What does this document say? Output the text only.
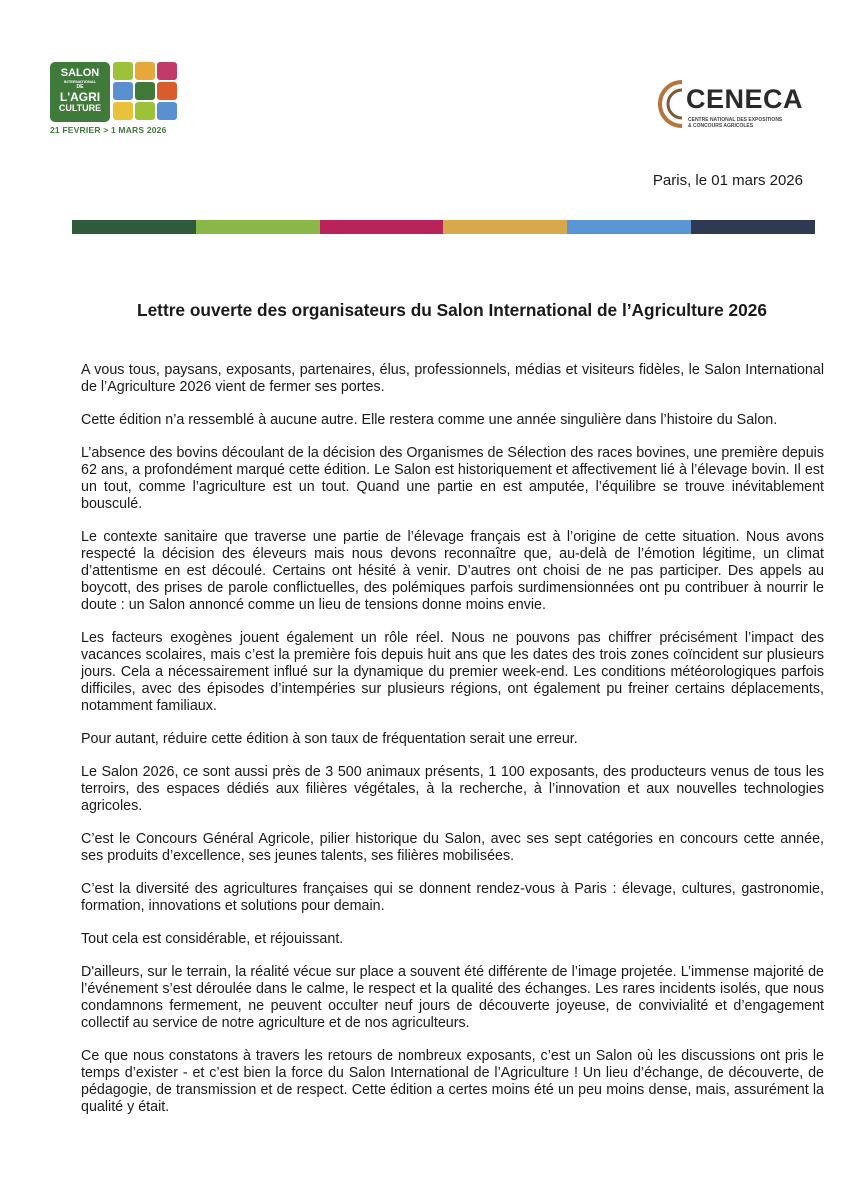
SALON
INTERNATIONAL
DE
L'AGRI
CULTURE
21 FEVRIER > 1 MARS 2026
CENECA
CENTRE NATIONAL DES EXPOSITIONS
& CONCOURS AGRICOLES
Paris, le 01 mars 2026
Lettre ouverte des organisateurs du Salon International de l’Agriculture 2026

A vous tous, paysans, exposants, partenaires, élus, professionnels, médias et visiteurs fidèles, le Salon International de l’Agriculture 2026 vient de fermer ses portes.

Cette édition n’a ressemblé à aucune autre. Elle restera comme une année singulière dans l’histoire du Salon.

L’absence des bovins découlant de la décision des Organismes de Sélection des races bovines, une première depuis 62 ans, a profondément marqué cette édition. Le Salon est historiquement et affectivement lié à l’élevage bovin. Il est un tout, comme l’agriculture est un tout. Quand une partie en est amputée, l’équilibre se trouve inévitablement bousculé.

Le contexte sanitaire que traverse une partie de l’élevage français est à l’origine de cette situation. Nous avons respecté la décision des éleveurs mais nous devons reconnaître que, au-delà de l’émotion légitime, un climat d’attentisme en est découlé. Certains ont hésité à venir. D’autres ont choisi de ne pas participer. Des appels au boycott, des prises de parole conflictuelles, des polémiques parfois surdimensionnées ont pu contribuer à nourrir le doute : un Salon annoncé comme un lieu de tensions donne moins envie.

Les facteurs exogènes jouent également un rôle réel. Nous ne pouvons pas chiffrer précisément l’impact des vacances scolaires, mais c’est la première fois depuis huit ans que les dates des trois zones coïncident sur plusieurs jours. Cela a nécessairement influé sur la dynamique du premier week-end. Les conditions météorologiques parfois difficiles, avec des épisodes d’intempéries sur plusieurs régions, ont également pu freiner certains déplacements, notamment familiaux.

Pour autant, réduire cette édition à son taux de fréquentation serait une erreur.

Le Salon 2026, ce sont aussi près de 3 500 animaux présents, 1 100 exposants, des producteurs venus de tous les terroirs, des espaces dédiés aux filières végétales, à la recherche, à l’innovation et aux nouvelles technologies agricoles.

C’est le Concours Général Agricole, pilier historique du Salon, avec ses sept catégories en concours cette année, ses produits d’excellence, ses jeunes talents, ses filières mobilisées.

C’est la diversité des agricultures françaises qui se donnent rendez-vous à Paris : élevage, cultures, gastronomie, formation, innovations et solutions pour demain.

Tout cela est considérable, et réjouissant.

D'ailleurs, sur le terrain, la réalité vécue sur place a souvent été différente de l’image projetée. L’immense majorité de l’événement s’est déroulée dans le calme, le respect et la qualité des échanges. Les rares incidents isolés, que nous condamnons fermement, ne peuvent occulter neuf jours de découverte joyeuse, de convivialité et d’engagement collectif au service de notre agriculture et de nos agriculteurs.

Ce que nous constatons à travers les retours de nombreux exposants, c’est un Salon où les discussions ont pris le temps d’exister - et c’est bien la force du Salon International de l’Agriculture ! Un lieu d’échange, de découverte, de pédagogie, de transmission et de respect. Cette édition a certes moins été un peu moins dense, mais, assurément la qualité y était.
